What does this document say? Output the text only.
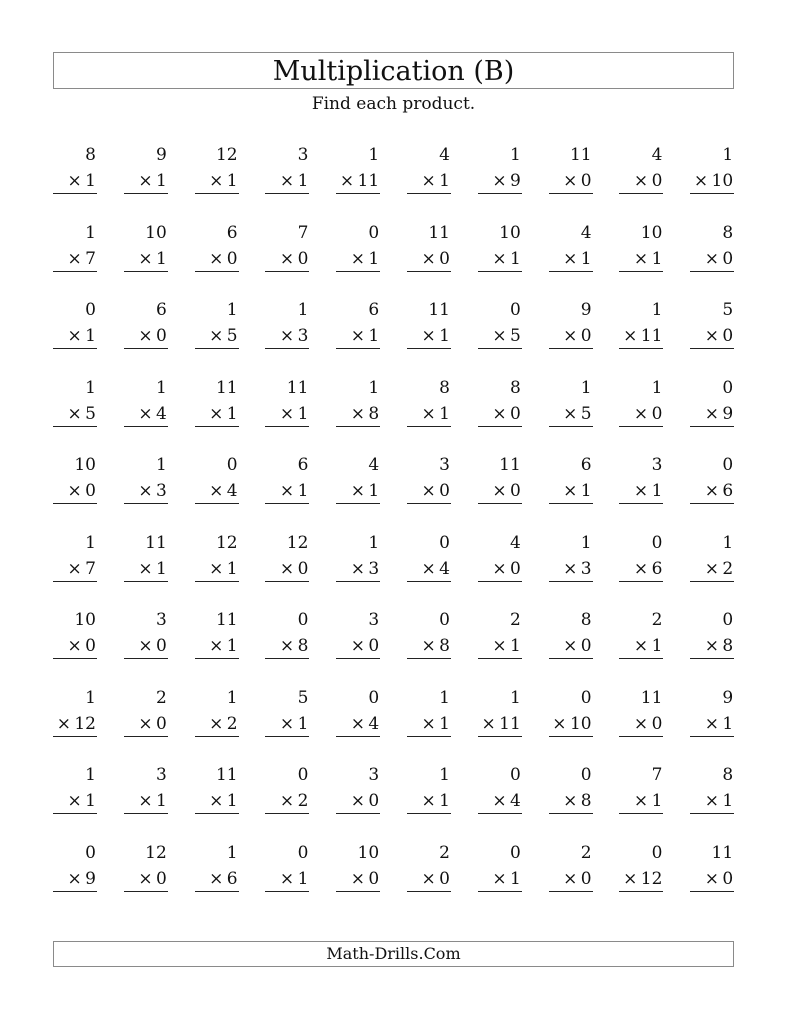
Multiplication (B)
Find each product.
8
×  1
9
×  1
12
×  1
3
×  1
1
×  11
4
×  1
1
×  9
11
×  0
4
×  0
1
×  10
1
×  7
10
×  1
6
×  0
7
×  0
0
×  1
11
×  0
10
×  1
4
×  1
10
×  1
8
×  0
0
×  1
6
×  0
1
×  5
1
×  3
6
×  1
11
×  1
0
×  5
9
×  0
1
×  11
5
×  0
1
×  5
1
×  4
11
×  1
11
×  1
1
×  8
8
×  1
8
×  0
1
×  5
1
×  0
0
×  9
10
×  0
1
×  3
0
×  4
6
×  1
4
×  1
3
×  0
11
×  0
6
×  1
3
×  1
0
×  6
1
×  7
11
×  1
12
×  1
12
×  0
1
×  3
0
×  4
4
×  0
1
×  3
0
×  6
1
×  2
10
×  0
3
×  0
11
×  1
0
×  8
3
×  0
0
×  8
2
×  1
8
×  0
2
×  1
0
×  8
1
×  12
2
×  0
1
×  2
5
×  1
0
×  4
1
×  1
1
×  11
0
×  10
11
×  0
9
×  1
1
×  1
3
×  1
11
×  1
0
×  2
3
×  0
1
×  1
0
×  4
0
×  8
7
×  1
8
×  1
0
×  9
12
×  0
1
×  6
0
×  1
10
×  0
2
×  0
0
×  1
2
×  0
0
×  12
11
×  0
Math-Drills.Com
